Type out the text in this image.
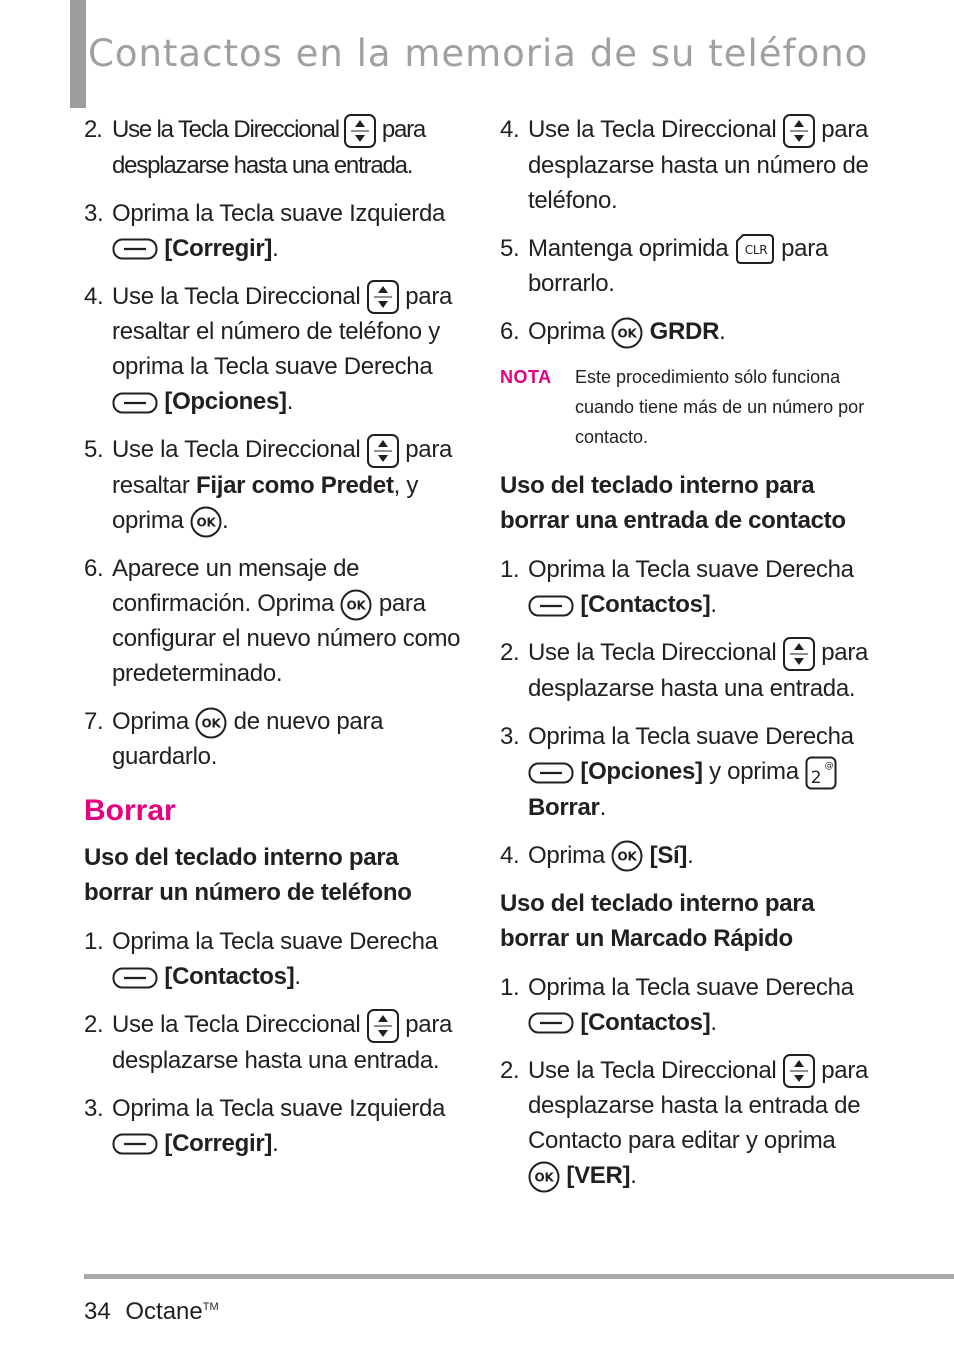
Contactos en la memoria de su teléfono

2. Use la Tecla Direccional para desplazarse hasta una entrada.

3. Oprima la Tecla suave Izquierda

[Corregir].

4. Use la Tecla Direccional para resaltar el número de teléfono y oprima la Tecla suave Derecha

[Opciones].

5. Use la Tecla Direccional para resaltar Fijar como Predet, y oprima OK .

6. Aparece un mensaje de confirmación. Oprima OK para configurar el nuevo número como predeterminado.

7. Oprima OK de nuevo para guardarlo.

Borrar
Uso del teclado interno para borrar un número de teléfono

1. Oprima la Tecla suave Derecha

[Contactos].

2. Use la Tecla Direccional para desplazarse hasta una entrada.

3. Oprima la Tecla suave Izquierda

[Corregir].

4. Use la Tecla Direccional para desplazarse hasta un número de teléfono.

5. Mantenga oprimida CLR para borrarlo.

6. Oprima OK GRDR.

NOTA Este procedimiento sólo funciona cuando tiene más de un número por contacto.
Uso del teclado interno para borrar una entrada de contacto

1. Oprima la Tecla suave Derecha

[Contactos].

2. Use la Tecla Direccional para desplazarse hasta una entrada.

3. Oprima la Tecla suave Derecha

[Opciones] y oprima 2
@

Borrar.

4. Oprima OK [Sí].

Uso del teclado interno para borrar un Marcado Rápido

1. Oprima la Tecla suave Derecha

[Contactos].

2. Use la Tecla Direccional para desplazarse hasta la entrada de Contacto para editar y oprima

OK [VER].

34 Octane™
